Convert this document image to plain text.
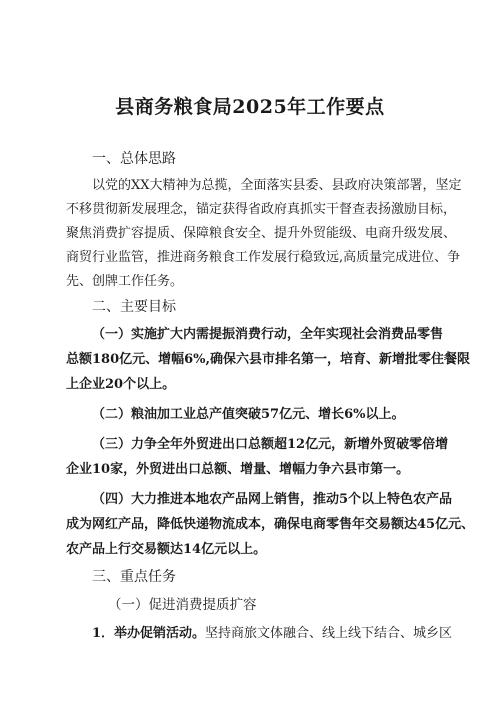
县商务粮食局2025年工作要点
一、总体思路
以党的XX大精神为总揽，全面落实县委、县政府决策部署，坚定
不移贯彻新发展理念，锚定获得省政府真抓实干督查表扬激励目标，
聚焦消费扩容提质、保障粮食安全、提升外贸能级、电商升级发展、
商贸行业监管，推进商务粮食工作发展行稳致远,高质量完成进位、争
先、创牌工作任务。
二、主要目标
（一）实施扩大内需提振消费行动，全年实现社会消费品零售
总额180亿元、增幅6%,确保六县市排名第一，培育、新增批零住餐限
上企业20个以上。
（二）粮油加工业总产值突破57亿元、增长6%以上。
（三）力争全年外贸进出口总额超12亿元，新增外贸破零倍增
企业10家，外贸进出口总额、增量、增幅力争六县市第一。
（四）大力推进本地农产品网上销售，推动5个以上特色农产品
成为网红产品，降低快递物流成本，确保电商零售年交易额达45亿元、
农产品上行交易额达14亿元以上。
三、重点任务
（一）促进消费提质扩容
1．举办促销活动。坚持商旅文体融合、线上线下结合、城乡区
